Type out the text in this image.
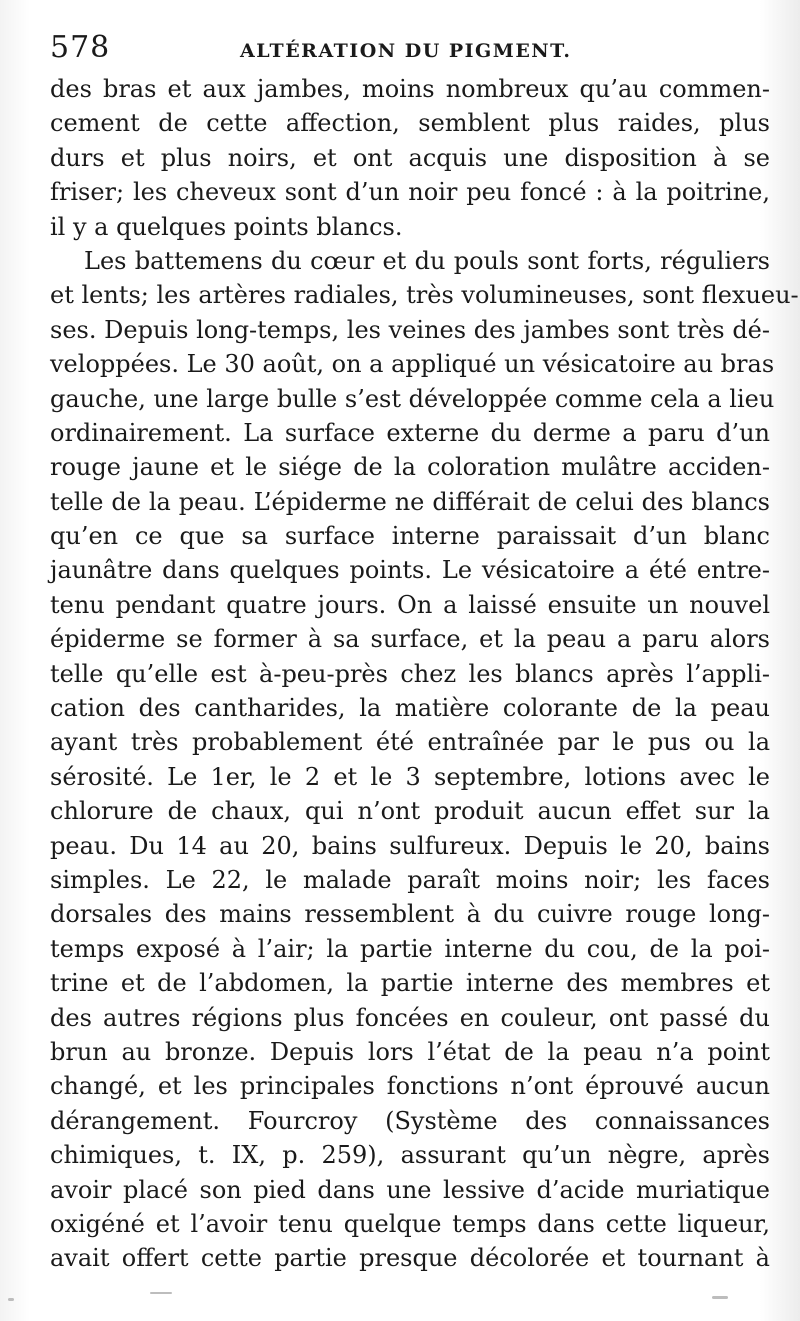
578	ALTÉRATION DU PIGMENT.
des bras et aux jambes, moins nombreux qu’au commen-
cement de cette affection, semblent plus raides, plus
durs et plus noirs, et ont acquis une disposition à se
friser; les cheveux sont d’un noir peu foncé : à la poitrine,
il y a quelques points blancs.
Les battemens du cœur et du pouls sont forts, réguliers
et lents; les artères radiales, très volumineuses, sont flexueu-
ses. Depuis long-temps, les veines des jambes sont très dé-
veloppées. Le 30 août, on a appliqué un vésicatoire au bras
gauche, une large bulle s’est développée comme cela a lieu
ordinairement. La surface externe du derme a paru d’un
rouge jaune et le siége de la coloration mulâtre acciden-
telle de la peau. L’épiderme ne différait de celui des blancs
qu’en ce que sa surface interne paraissait d’un blanc
jaunâtre dans quelques points. Le vésicatoire a été entre-
tenu pendant quatre jours. On a laissé ensuite un nouvel
épiderme se former à sa surface, et la peau a paru alors
telle qu’elle est à-peu-près chez les blancs après l’appli-
cation des cantharides, la matière colorante de la peau
ayant très probablement été entraînée par le pus ou la
sérosité. Le 1er, le 2 et le 3 septembre, lotions avec le
chlorure de chaux, qui n’ont produit aucun effet sur la
peau. Du 14 au 20, bains sulfureux. Depuis le 20, bains
simples. Le 22, le malade paraît moins noir; les faces
dorsales des mains ressemblent à du cuivre rouge long-
temps exposé à l’air; la partie interne du cou, de la poi-
trine et de l’abdomen, la partie interne des membres et
des autres régions plus foncées en couleur, ont passé du
brun au bronze. Depuis lors l’état de la peau n’a point
changé, et les principales fonctions n’ont éprouvé aucun
dérangement. Fourcroy (Système des connaissances
chimiques, t. IX, p. 259), assurant qu’un nègre, après
avoir placé son pied dans une lessive d’acide muriatique
oxigéné et l’avoir tenu quelque temps dans cette liqueur,
avait offert cette partie presque décolorée et tournant à
